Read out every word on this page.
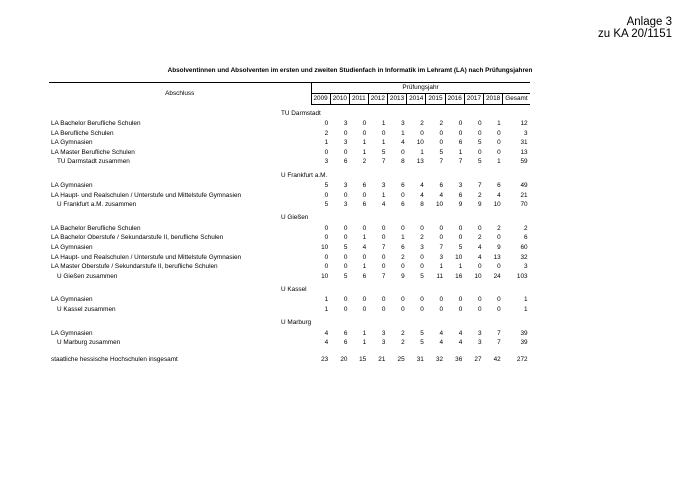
Anlage 3
zu KA 20/1151
Absolventinnen und Absolventen im ersten und zweiten Studienfach in Informatik im Lehramt (LA) nach Prüfungsjahren
Abschluss	Prüfungsjahr										
	2009	2010	2011	2012	2013	2014	2015	2016	2017	2018	Gesamt
TU Darmstadt											
LA Bachelor Berufliche Schulen	0	3	0	1	3	2	2	0	0	1	12
LA Berufliche Schulen	2	0	0	0	1	0	0	0	0	0	3
LA Gymnasien	1	3	1	1	4	10	0	6	5	0	31
LA Master Berufliche Schulen	0	0	1	5	0	1	5	1	0	0	13
TU Darmstadt zusammen	3	6	2	7	8	13	7	7	5	1	59
U Frankfurt a.M.											
LA Gymnasien	5	3	6	3	6	4	6	3	7	6	49
LA Haupt- und Realschulen / Unterstufe und Mittelstufe Gymnasien	0	0	0	1	0	4	4	6	2	4	21
U Frankfurt a.M. zusammen	5	3	6	4	6	8	10	9	9	10	70
U Gießen											
LA Bachelor Berufliche Schulen	0	0	0	0	0	0	0	0	0	2	2
LA Bachelor Oberstufe / Sekundarstufe II, berufliche Schulen	0	0	1	0	1	2	0	0	2	0	6
LA Gymnasien	10	5	4	7	6	3	7	5	4	9	60
LA Haupt- und Realschulen / Unterstufe und Mittelstufe Gymnasien	0	0	0	0	2	0	3	10	4	13	32
LA Master Oberstufe / Sekundarstufe II, berufliche Schulen	0	0	1	0	0	0	1	1	0	0	3
U Gießen zusammen	10	5	6	7	9	5	11	16	10	24	103
U Kassel											
LA Gymnasien	1	0	0	0	0	0	0	0	0	0	1
U Kassel zusammen	1	0	0	0	0	0	0	0	0	0	1
U Marburg											
LA Gymnasien	4	6	1	3	2	5	4	4	3	7	39
U Marburg zusammen	4	6	1	3	2	5	4	4	3	7	39

staatliche hessische Hochschulen insgesamt	23	20	15	21	25	31	32	36	27	42	272
